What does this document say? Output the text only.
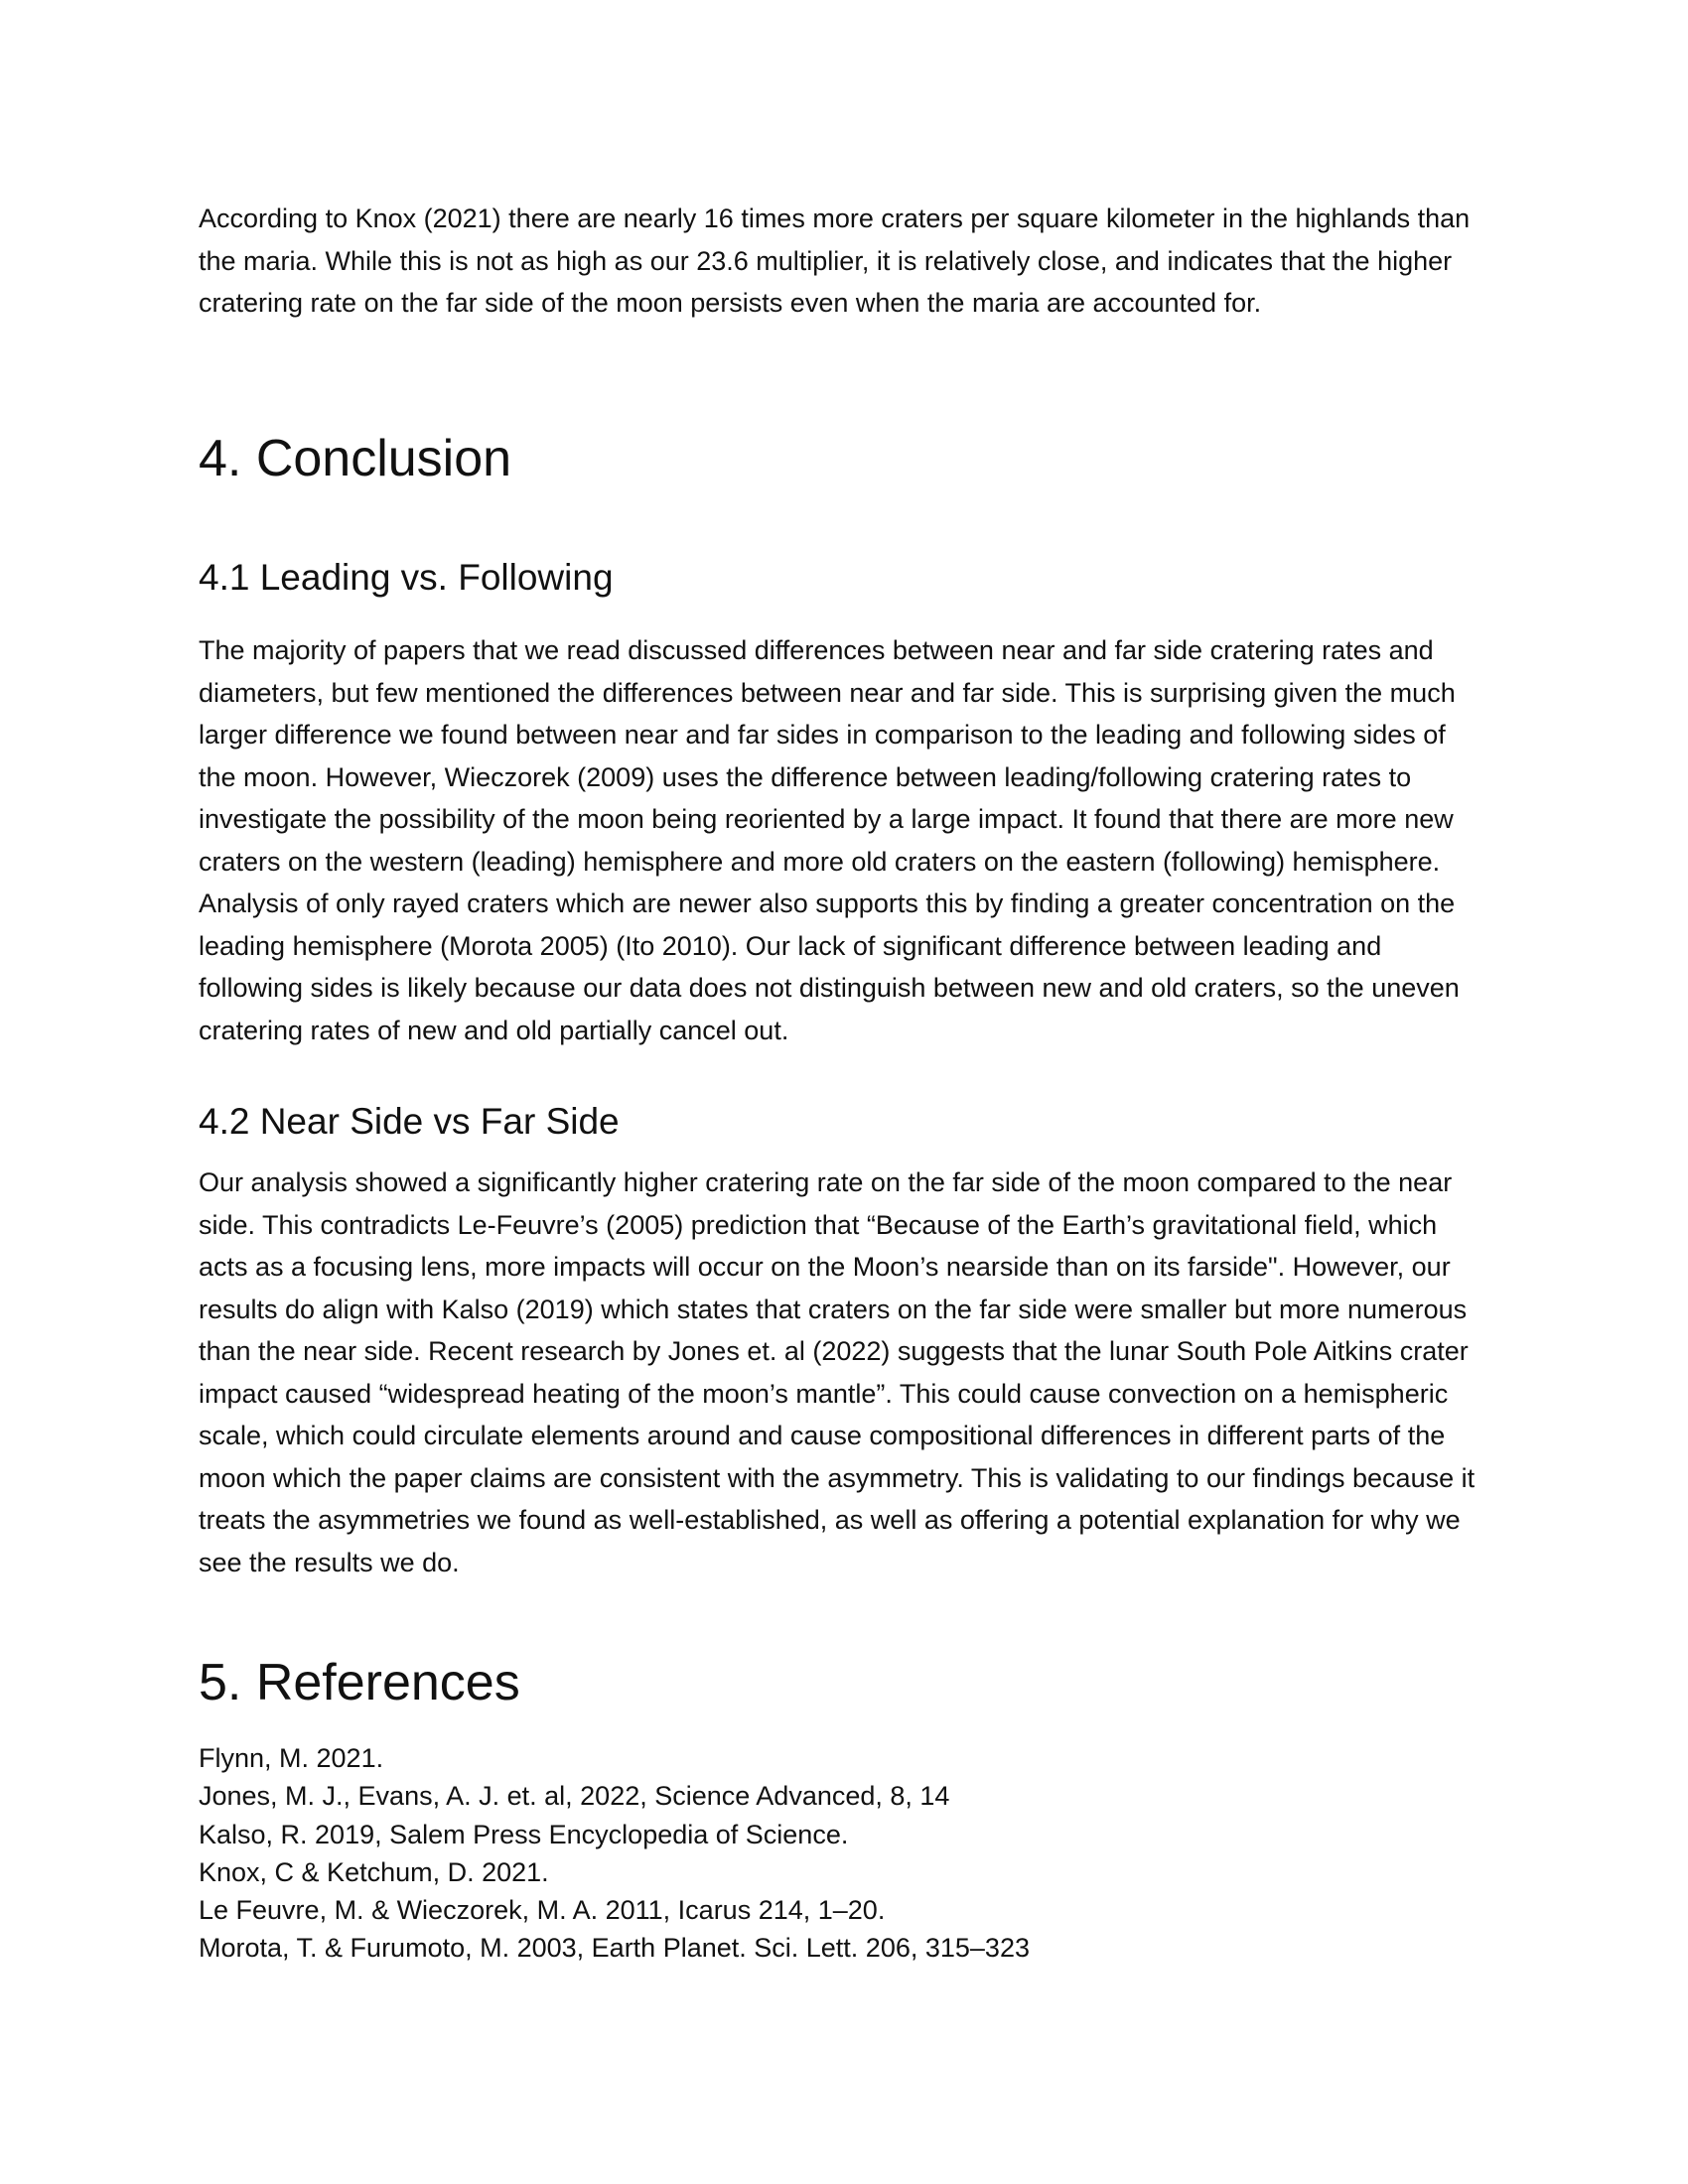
According to Knox (2021) there are nearly 16 times more craters per square kilometer in the highlands than the maria. While this is not as high as our 23.6 multiplier, it is relatively close, and indicates that the higher cratering rate on the far side of the moon persists even when the maria are accounted for.

4. Conclusion
4.1 Leading vs. Following

The majority of papers that we read discussed differences between near and far side cratering rates and diameters, but few mentioned the differences between near and far side. This is surprising given the much larger difference we found between near and far sides in comparison to the leading and following sides of the moon. However, Wieczorek (2009) uses the difference between leading/following cratering rates to investigate the possibility of the moon being reoriented by a large impact. It found that there are more new craters on the western (leading) hemisphere and more old craters on the eastern (following) hemisphere. Analysis of only rayed craters which are newer also supports this by finding a greater concentration on the leading hemisphere (Morota 2005) (Ito 2010). Our lack of significant difference between leading and following sides is likely because our data does not distinguish between new and old craters, so the uneven cratering rates of new and old partially cancel out.

4.2 Near Side vs Far Side

Our analysis showed a significantly higher cratering rate on the far side of the moon compared to the near side. This contradicts Le-Feuvre’s (2005) prediction that “Because of the Earth’s gravitational field, which acts as a focusing lens, more impacts will occur on the Moon’s nearside than on its farside". However, our results do align with Kalso (2019) which states that craters on the far side were smaller but more numerous than the near side. Recent research by Jones et. al (2022) suggests that the lunar South Pole Aitkins crater impact caused “widespread heating of the moon’s mantle”. This could cause convection on a hemispheric scale, which could circulate elements around and cause compositional differences in different parts of the moon which the paper claims are consistent with the asymmetry. This is validating to our findings because it treats the asymmetries we found as well-established, as well as offering a potential explanation for why we see the results we do.

5. References
Flynn, M. 2021.
Jones, M. J., Evans, A. J. et. al, 2022, Science Advanced, 8, 14
Kalso, R. 2019, Salem Press Encyclopedia of Science.
Knox, C & Ketchum, D. 2021.
Le Feuvre, M. & Wieczorek, M. A. 2011, Icarus 214, 1–20.
Morota, T. & Furumoto, M. 2003, Earth Planet. Sci. Lett. 206, 315–323
